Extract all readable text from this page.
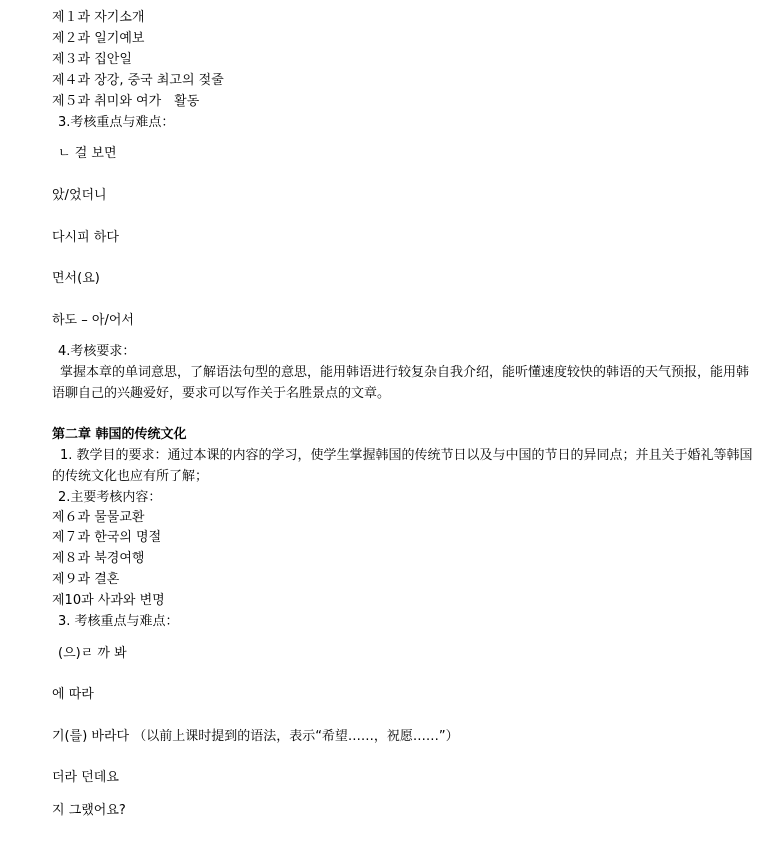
제１과 자기소개
제２과 일기예보
제３과 집안일
제４과 장강, 중국 최고의 젖줄
제５과 취미와 여가　활동
3.考核重点与难点：
ㄴ 걸 보면
았/었더니
다시피 하다
면서(요)
하도 – 아/어서
4.考核要求：
掌握本章的单词意思，了解语法句型的意思，能用韩语进行较复杂自我介绍，能听懂速度较快的韩语的天气预报，能用韩语聊自己的兴趣爱好，要求可以写作关于名胜景点的文章。
第二章 韩国的传统文化
1. 教学目的要求：通过本课的内容的学习，使学生掌握韩国的传统节日以及与中国的节日的异同点；并且关于婚礼等韩国的传统文化也应有所了解；
2.主要考核内容：
제６과 물물교환
제７과 한국의 명절
제８과 북경여행
제９과 결혼
제10과 사과와 변명
3. 考核重点与难点：
(으)ㄹ 까 봐
에 따라
기(를) 바라다 （以前上课时提到的语法，表示“希望……，祝愿……”）
더라 던데요
지 그랬어요?
